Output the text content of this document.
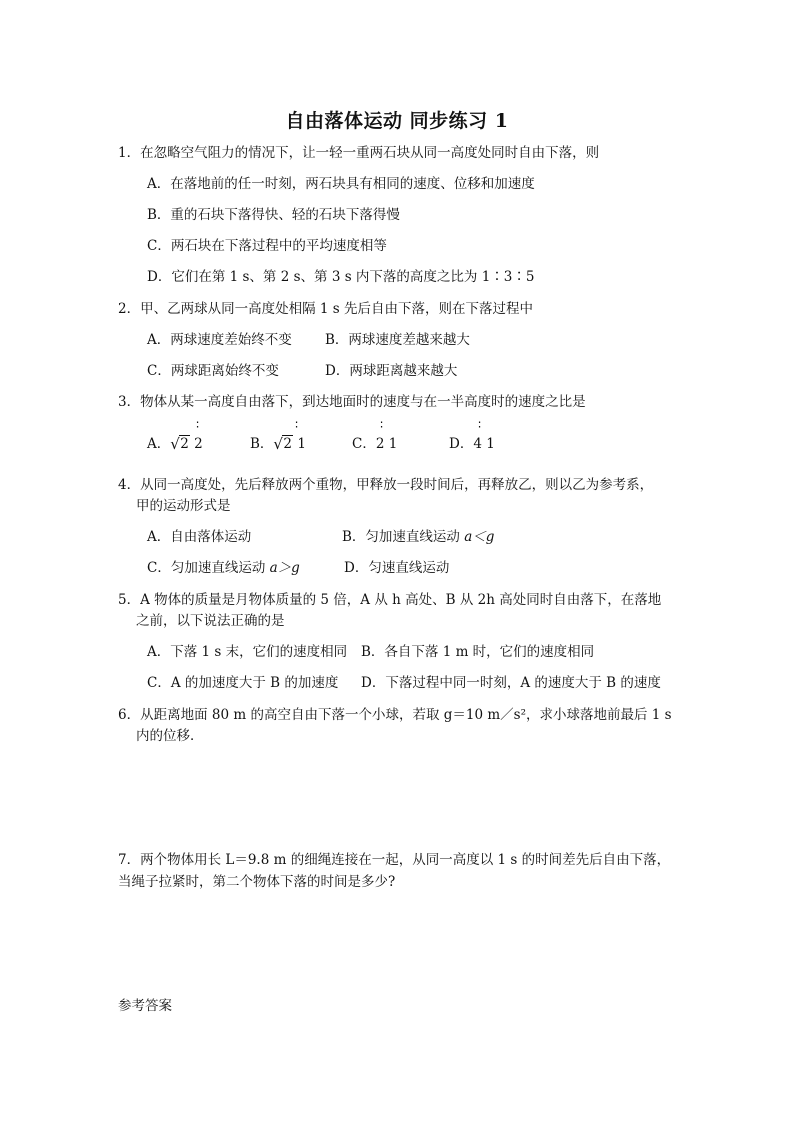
自由落体运动 同步练习 1
1．在忽略空气阻力的情况下，让一轻一重两石块从同一高度处同时自由下落，则
A．在落地前的任一时刻，两石块具有相同的速度、位移和加速度
B．重的石块下落得快、轻的石块下落得慢
C．两石块在下落过程中的平均速度相等
D．它们在第 1 s、第 2 s、第 3 s 内下落的高度之比为 1∶3∶5
2．甲、乙两球从同一高度处相隔 1 s 先后自由下落，则在下落过程中
A．两球速度差始终不变 B．两球速度差越来越大
C．两球距离始终不变	D．两球距离越来越大
3．物体从某一高度自由落下，到达地面时的速度与在一半高度时的速度之比是
A． √ 2 2
∶
B． √ 2 1
∶
C．2 1
∶
D．4 1
∶
4．从同一高度处，先后释放两个重物，甲释放一段时间后，再释放乙，则以乙为参考系，
甲的运动形式是
A．自由落体运动	B．匀加速直线运动 a＜g
C．匀加速直线运动 a＞g	D．匀速直线运动
5．A 物体的质量是月物体质量的 5 倍，A 从 h 高处、B 从 2h 高处同时自由落下，在落地
之前，以下说法正确的是
A．下落 1 s 末，它们的速度相同 B．各自下落 1 m 时，它们的速度相同
C．A 的加速度大于 B 的加速度 D．下落过程中同一时刻，A 的速度大于 B 的速度
6．从距离地面 80 m 的高空自由下落一个小球，若取 g＝10 m／s²，求小球落地前最后 1 s
内的位移．
7．两个物体用长 L＝9.8 m 的细绳连接在一起，从同一高度以 1 s 的时间差先后自由下落，
当绳子拉紧时，第二个物体下落的时间是多少?
参考答案
